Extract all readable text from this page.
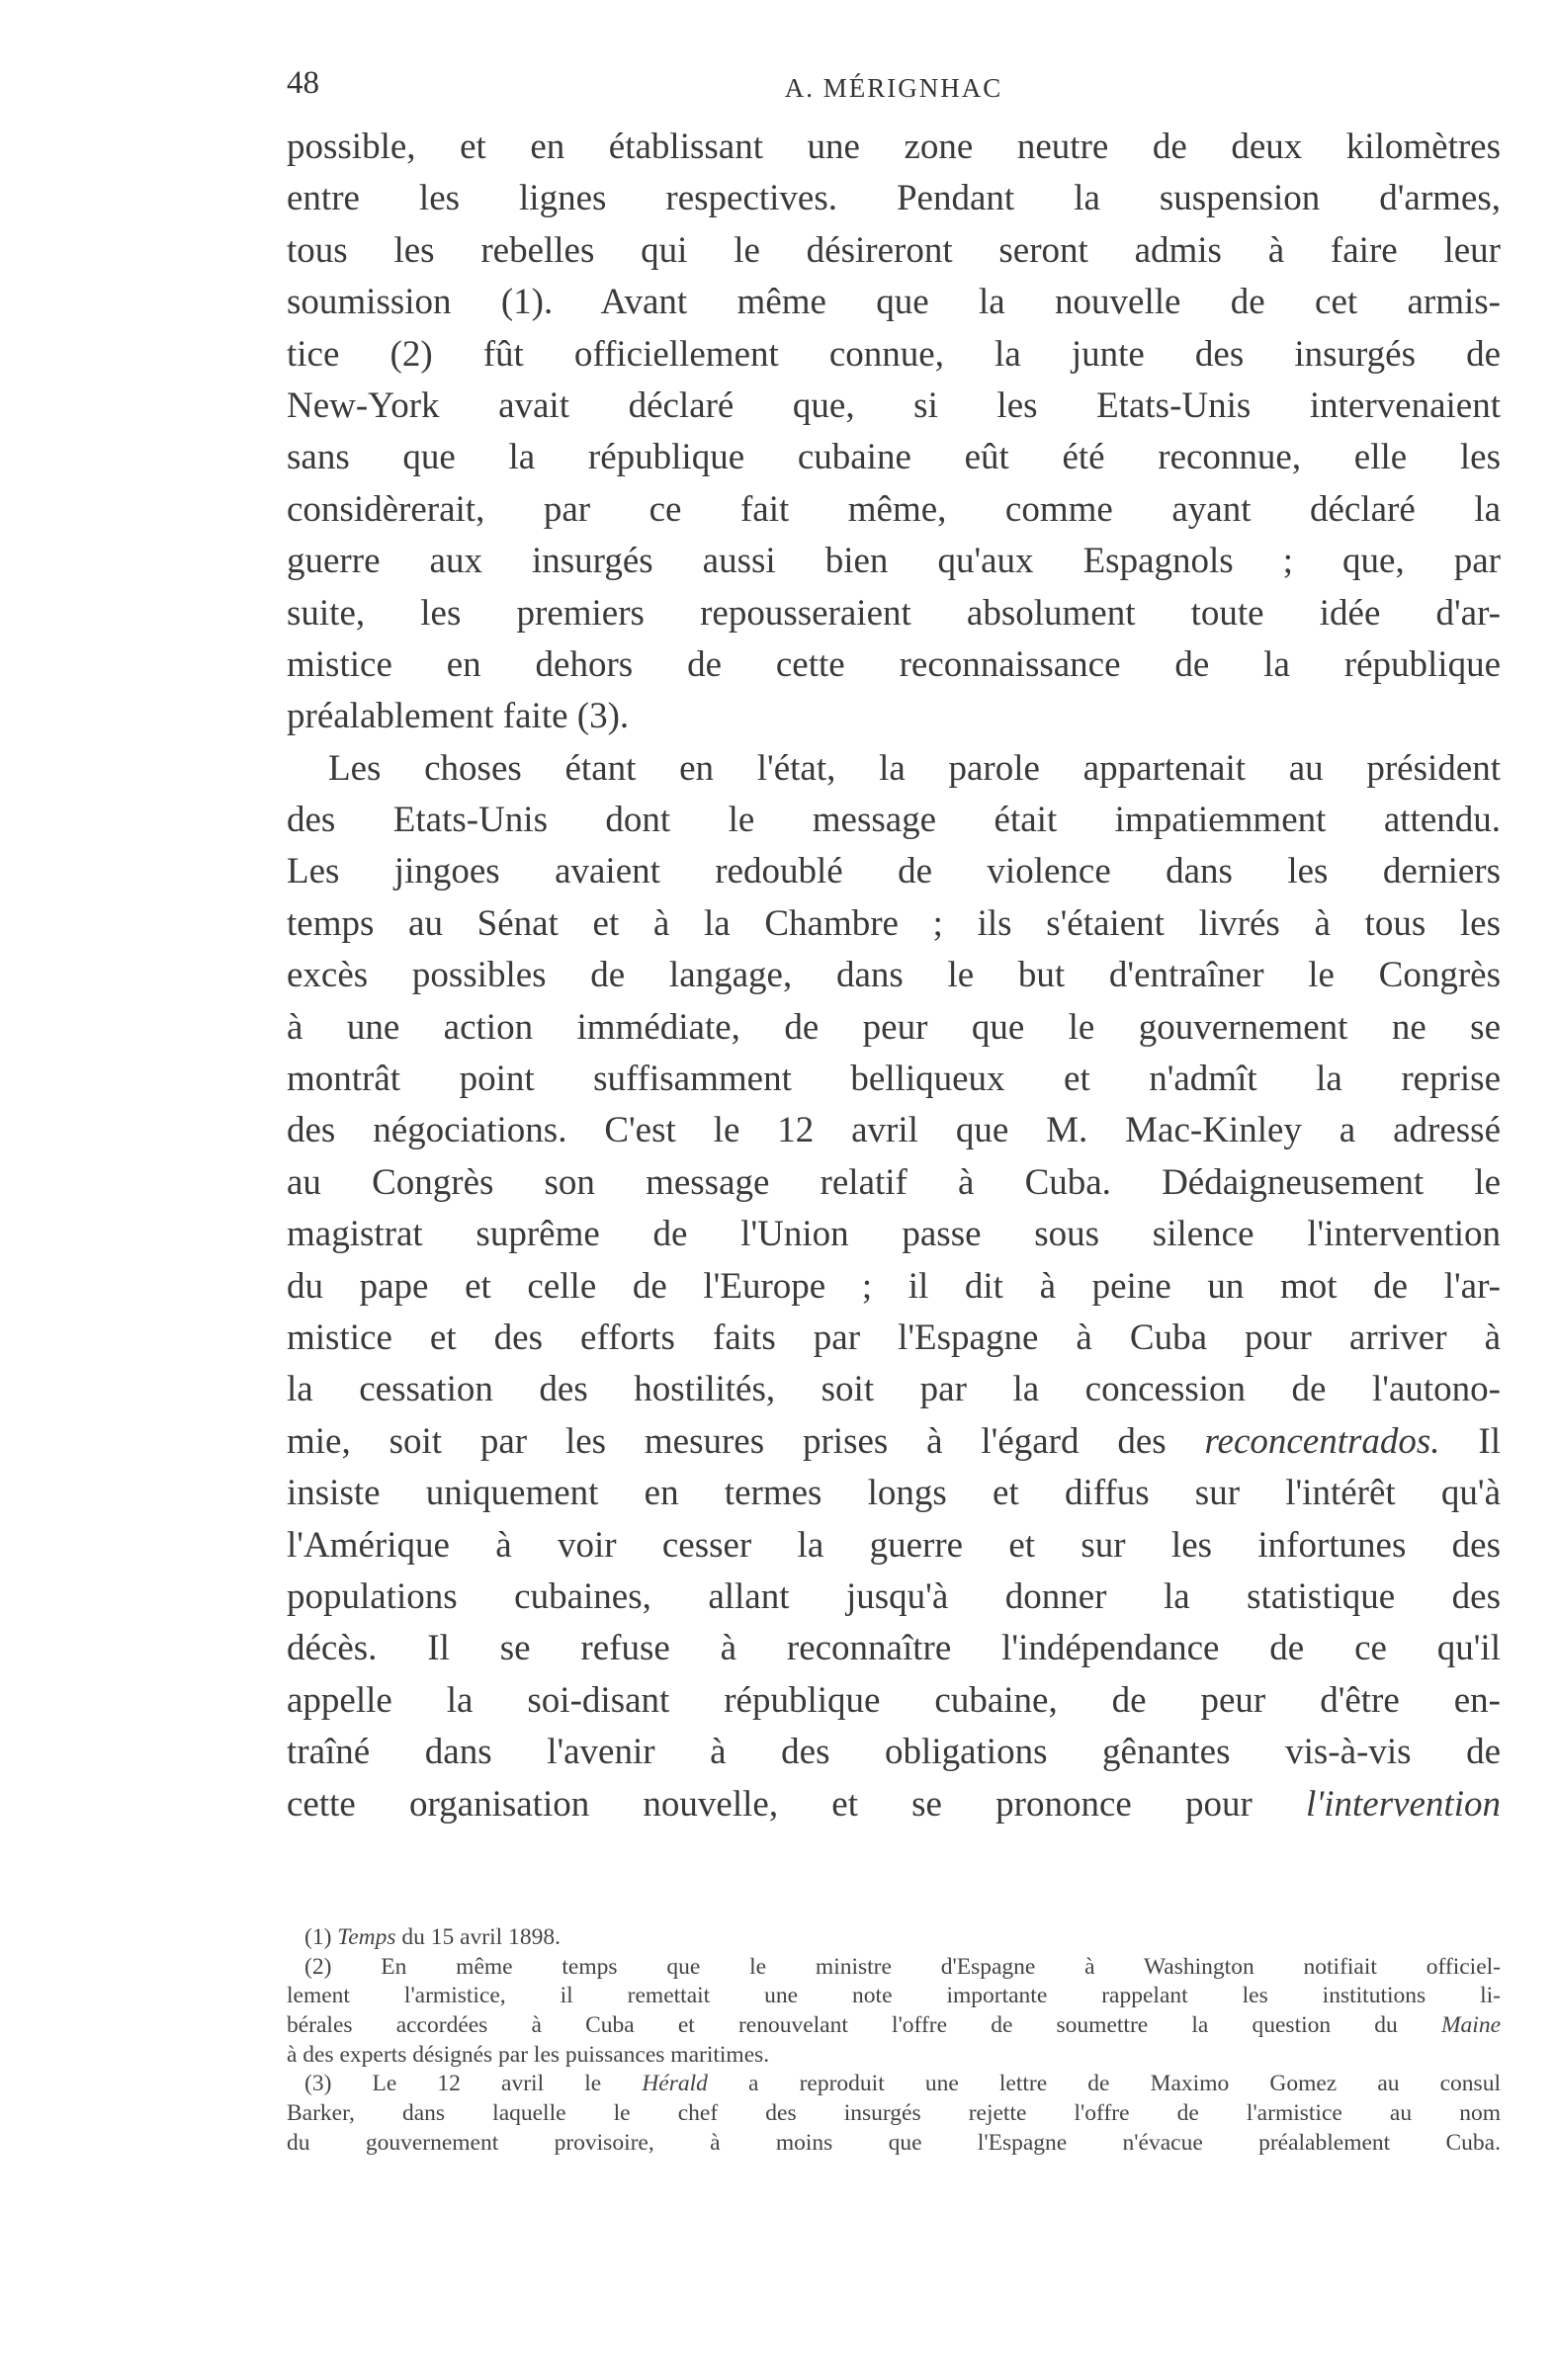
48	A. MÉRIGNHAC
possible, et en établissant une zone neutre de deux kilomètres
entre les lignes respectives. Pendant la suspension d'armes,
tous les rebelles qui le désireront seront admis à faire leur
soumission (1). Avant même que la nouvelle de cet armis-
tice (2) fût officiellement connue, la junte des insurgés de
New-York avait déclaré que, si les Etats-Unis intervenaient
sans que la république cubaine eût été reconnue, elle les
considèrerait, par ce fait même, comme ayant déclaré la
guerre aux insurgés aussi bien qu'aux Espagnols ; que, par
suite, les premiers repousseraient absolument toute idée d'ar-
mistice en dehors de cette reconnaissance de la république
préalablement faite (3).
Les choses étant en l'état, la parole appartenait au président
des Etats-Unis dont le message était impatiemment attendu.
Les jingoes avaient redoublé de violence dans les derniers
temps au Sénat et à la Chambre ; ils s'étaient livrés à tous les
excès possibles de langage, dans le but d'entraîner le Congrès
à une action immédiate, de peur que le gouvernement ne se
montrât point suffisamment belliqueux et n'admît la reprise
des négociations. C'est le 12 avril que M. Mac-Kinley a adressé
au Congrès son message relatif à Cuba. Dédaigneusement le
magistrat suprême de l'Union passe sous silence l'intervention
du pape et celle de l'Europe ; il dit à peine un mot de l'ar-
mistice et des efforts faits par l'Espagne à Cuba pour arriver à
la cessation des hostilités, soit par la concession de l'autono-
mie, soit par les mesures prises à l'égard des reconcentrados. Il
insiste uniquement en termes longs et diffus sur l'intérêt qu'à
l'Amérique à voir cesser la guerre et sur les infortunes des
populations cubaines, allant jusqu'à donner la statistique des
décès. Il se refuse à reconnaître l'indépendance de ce qu'il
appelle la soi-disant république cubaine, de peur d'être en-
traîné dans l'avenir à des obligations gênantes vis-à-vis de
cette organisation nouvelle, et se prononce pour l'intervention
(1) Temps du 15 avril 1898.
(2) En même temps que le ministre d'Espagne à Washington notifiait officiel-
lement l'armistice, il remettait une note importante rappelant les institutions li-
bérales accordées à Cuba et renouvelant l'offre de soumettre la question du Maine
à des experts désignés par les puissances maritimes.
(3) Le 12 avril le Hérald a reproduit une lettre de Maximo Gomez au consul
Barker, dans laquelle le chef des insurgés rejette l'offre de l'armistice au nom
du gouvernement provisoire, à moins que l'Espagne n'évacue préalablement Cuba.
